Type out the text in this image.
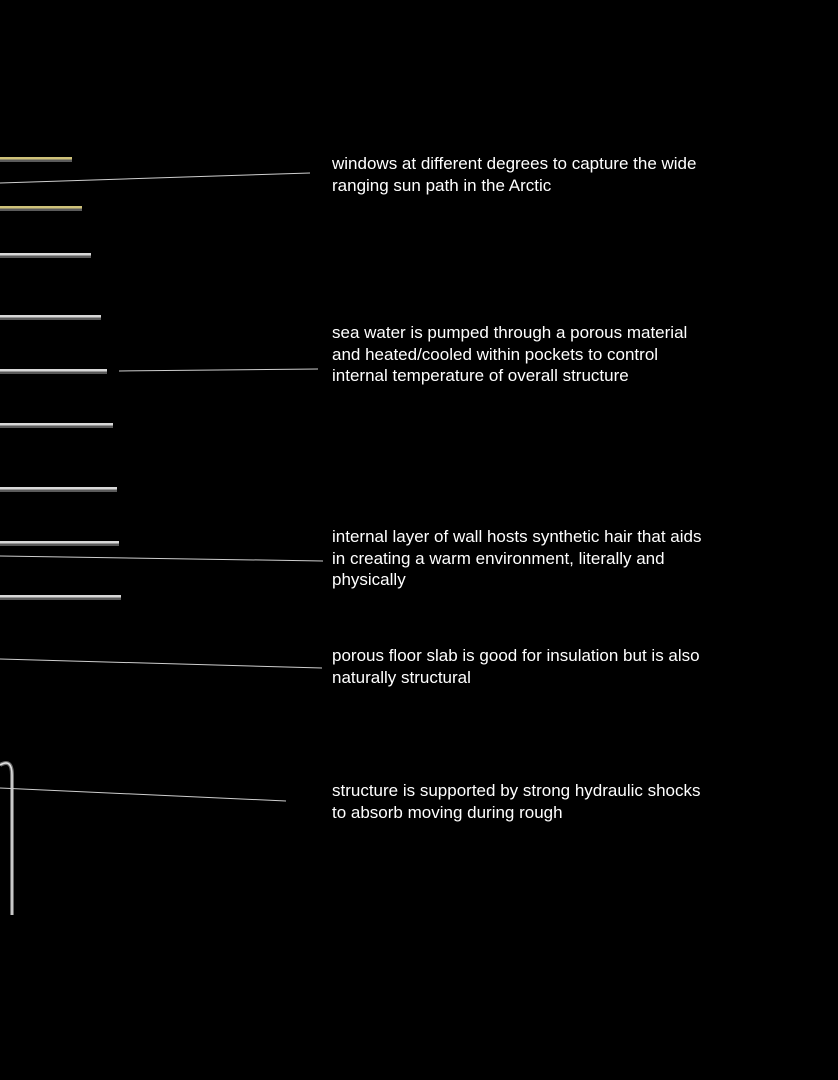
windows at different degrees to capture the wide ranging sun path in the Arctic

sea water is pumped through a porous material and heated/cooled within pockets to control internal temperature of overall structure

internal layer of wall hosts synthetic hair that aids in creating a warm environment, literally and physically

porous floor slab is good for insulation but is also naturally structural

structure is supported by strong hydraulic shocks to absorb moving during rough
